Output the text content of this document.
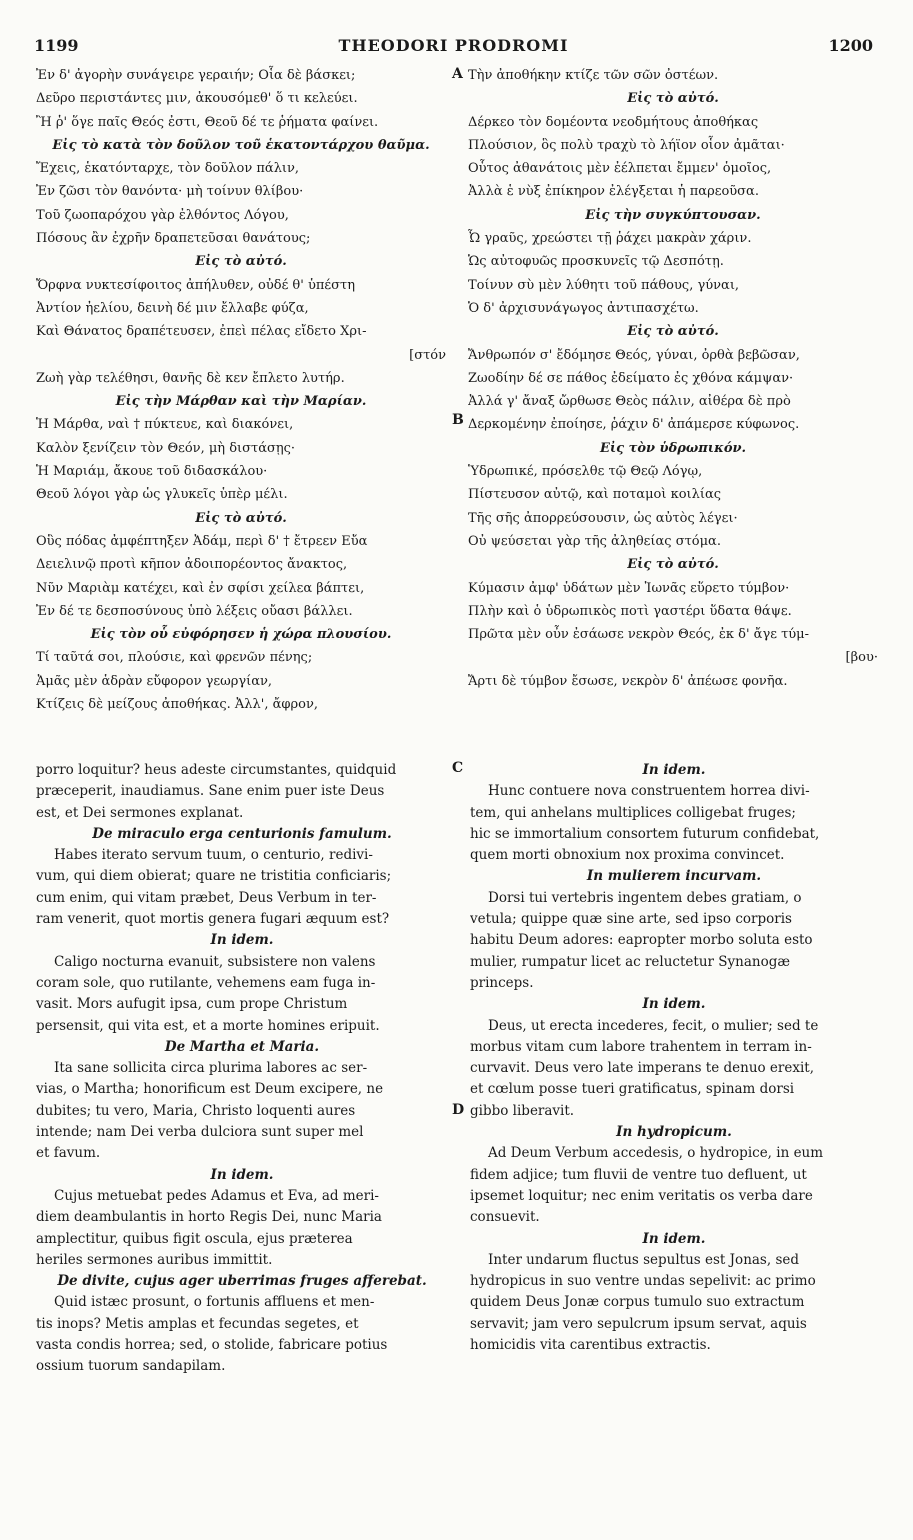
1199	THEODORI PRODROMI	1200

Ἐν δ' ἀγορὴν συνάγειρε γεραιήν; Οἷα δὲ βάσκει;

Δεῦρο περιστάντες μιν, ἀκουσόμεθ' ὅ τι κελεύει.

Ἢ ῥ' ὅγε παῖς Θεός ἐστι, Θεοῦ δέ τε ῥήματα φαίνει.

Εἰς τὸ κατὰ τὸν δοῦλον τοῦ ἑκατοντάρχου θαῦμα.

Ἔχεις, ἑκατόνταρχε, τὸν δοῦλον πάλιν,

Ἐν ζῶσι τὸν θανόντα· μὴ τοίνυν θλίβου·

Τοῦ ζωοπαρόχου γὰρ ἐλθόντος Λόγου,

Πόσους ἂν ἐχρῆν δραπετεῦσαι θανάτους;

Εἰς τὸ αὐτό.

Ὄρφνα νυκτεσίφοιτος ἀπήλυθεν, οὐδέ θ' ὑπέστη

Ἀντίον ἠελίου, δεινὴ δέ μιν ἔλλαβε φύζα,

Καὶ Θάνατος δραπέτευσεν, ἐπεὶ πέλας εἴδετο Χρι-

[στόν

Ζωὴ γὰρ τελέθησι, θανῆς δὲ κεν ἔπλετο λυτήρ.

Εἰς τὴν Μάρθαν καὶ τὴν Μαρίαν.

Ἡ Μάρθα, ναὶ † πύκτευε, καὶ διακόνει,

Καλὸν ξενίζειν τὸν Θεόν, μὴ διστάσῃς·

Ἡ Μαριάμ, ἄκουε τοῦ διδασκάλου·

Θεοῦ λόγοι γὰρ ὡς γλυκεῖς ὑπὲρ μέλι.

Εἰς τὸ αὐτό.

Οὓς πόδας ἀμφέπτηξεν Ἀδάμ, περὶ δ' † ἔτρεεν Εὔα

Δειελινῷ προτὶ κῆπον ἀδοιπορέοντος ἄνακτος,

Νῦν Μαριὰμ κατέχει, καὶ ἐν σφίσι χείλεα βάπτει,

Ἐν δέ τε δεσποσύνους ὑπὸ λέξεις οὔασι βάλλει.

Εἰς τὸν οὗ εὐφόρησεν ἡ χώρα πλουσίου.

Τί ταῦτά σοι, πλούσιε, καὶ φρενῶν πένης;

Ἀμᾶς μὲν ἁδρὰν εὔφορον γεωργίαν,

Κτίζεις δὲ μείζους ἀποθήκας. Ἀλλ', ἄφρον,

Τὴν ἀποθήκην κτίζε τῶν σῶν ὀστέων.

Εἰς τὸ αὐτό.

Δέρκεο τὸν δομέοντα νεοδμήτους ἀποθήκας

Πλούσιον, ὃς πολὺ τραχὺ τὸ λήϊον οἷον ἀμᾶται·

Οὗτος ἀθανάτοις μὲν ἐέλπεται ἔμμεν' ὁμοῖος,

Ἀλλὰ ἑ νὺξ ἐπίκηρον ἐλέγξεται ἡ παρεοῦσα.

Εἰς τὴν συγκύπτουσαν.

Ὦ γραῦς, χρεώστει τῇ ῥάχει μακρὰν χάριν.

Ὡς αὐτοφυῶς προσκυνεῖς τῷ Δεσπότῃ.

Τοίνυν σὺ μὲν λύθητι τοῦ πάθους, γύναι,

Ὁ δ' ἀρχισυνάγωγος ἀντιπασχέτω.

Εἰς τὸ αὐτό.

Ἄνθρωπόν σ' ἔδόμησε Θεός, γύναι, ὀρθὰ βεβῶσαν,

Ζωοδίην δέ σε πάθος ἐδείματο ἐς χθόνα κάμψαν·

Ἀλλά γ' ἄναξ ὤρθωσε Θεὸς πάλιν, αἰθέρα δὲ πρὸ

Δερκομένην ἐποίησε, ῥάχιν δ' ἀπάμερσε κύφωνος.

Εἰς τὸν ὑδρωπικόν.

Ὑδρωπικέ, πρόσελθε τῷ Θεῷ Λόγῳ,

Πίστευσον αὐτῷ, καὶ ποταμοὶ κοιλίας

Τῆς σῆς ἀπορρεύσουσιν, ὡς αὐτὸς λέγει·

Οὐ ψεύσεται γὰρ τῆς ἀληθείας στόμα.

Εἰς τὸ αὐτό.

Κύμασιν ἀμφ' ὑδάτων μὲν Ἰωνᾶς εὕρετο τύμβον·

Πλὴν καὶ ὁ ὑδρωπικὸς ποτὶ γαστέρι ὕδατα θάψε.

Πρῶτα μὲν οὖν ἐσάωσε νεκρὸν Θεός, ἐκ δ' ἄγε τύμ-

[βου·

Ἄρτι δὲ τύμβον ἔσωσε, νεκρὸν δ' ἀπέωσε φονῆα.

porro loquitur? heus adeste circumstantes, quidquid

præceperit, inaudiamus. Sane enim puer iste Deus

est, et Dei sermones explanat.

De miraculo erga centurionis famulum.

Habes iterato servum tuum, o centurio, redivi-

vum, qui diem obierat; quare ne tristitia conficiaris;

cum enim, qui vitam præbet, Deus Verbum in ter-

ram venerit, quot mortis genera fugari æquum est?

In idem.

Caligo nocturna evanuit, subsistere non valens

coram sole, quo rutilante, vehemens eam fuga in-

vasit. Mors aufugit ipsa, cum prope Christum

persensit, qui vita est, et a morte homines eripuit.

De Martha et Maria.

Ita sane sollicita circa plurima labores ac ser-

vias, o Martha; honorificum est Deum excipere, ne

dubites; tu vero, Maria, Christo loquenti aures

intende; nam Dei verba dulciora sunt super mel

et favum.

In idem.

Cujus metuebat pedes Adamus et Eva, ad meri-

diem deambulantis in horto Regis Dei, nunc Maria

amplectitur, quibus figit oscula, ejus præterea

heriles sermones auribus immittit.

De divite, cujus ager uberrimas fruges afferebat.

Quid istæc prosunt, o fortunis affluens et men-

tis inops? Metis amplas et fecundas segetes, et

vasta condis horrea; sed, o stolide, fabricare potius

ossium tuorum sandapilam.

In idem.

Hunc contuere nova construentem horrea divi-

tem, qui anhelans multiplices colligebat fruges;

hic se immortalium consortem futurum confidebat,

quem morti obnoxium nox proxima convincet.

In mulierem incurvam.

Dorsi tui vertebris ingentem debes gratiam, o

vetula; quippe quæ sine arte, sed ipso corporis

habitu Deum adores: eapropter morbo soluta esto

mulier, rumpatur licet ac reluctetur Synanogæ

princeps.

In idem.

Deus, ut erecta incederes, fecit, o mulier; sed te

morbus vitam cum labore trahentem in terram in-

curvavit. Deus vero late imperans te denuo erexit,

et cœlum posse tueri gratificatus, spinam dorsi

gibbo liberavit.

In hydropicum.

Ad Deum Verbum accedesis, o hydropice, in eum

fidem adjice; tum fluvii de ventre tuo defluent, ut

ipsemet loquitur; nec enim veritatis os verba dare

consuevit.

In idem.

Inter undarum fluctus sepultus est Jonas, sed

hydropicus in suo ventre undas sepelivit: ac primo

quidem Deus Jonæ corpus tumulo suo extractum

servavit; jam vero sepulcrum ipsum servat, aquis

homicidis vita carentibus extractis.

A
B
C
D
